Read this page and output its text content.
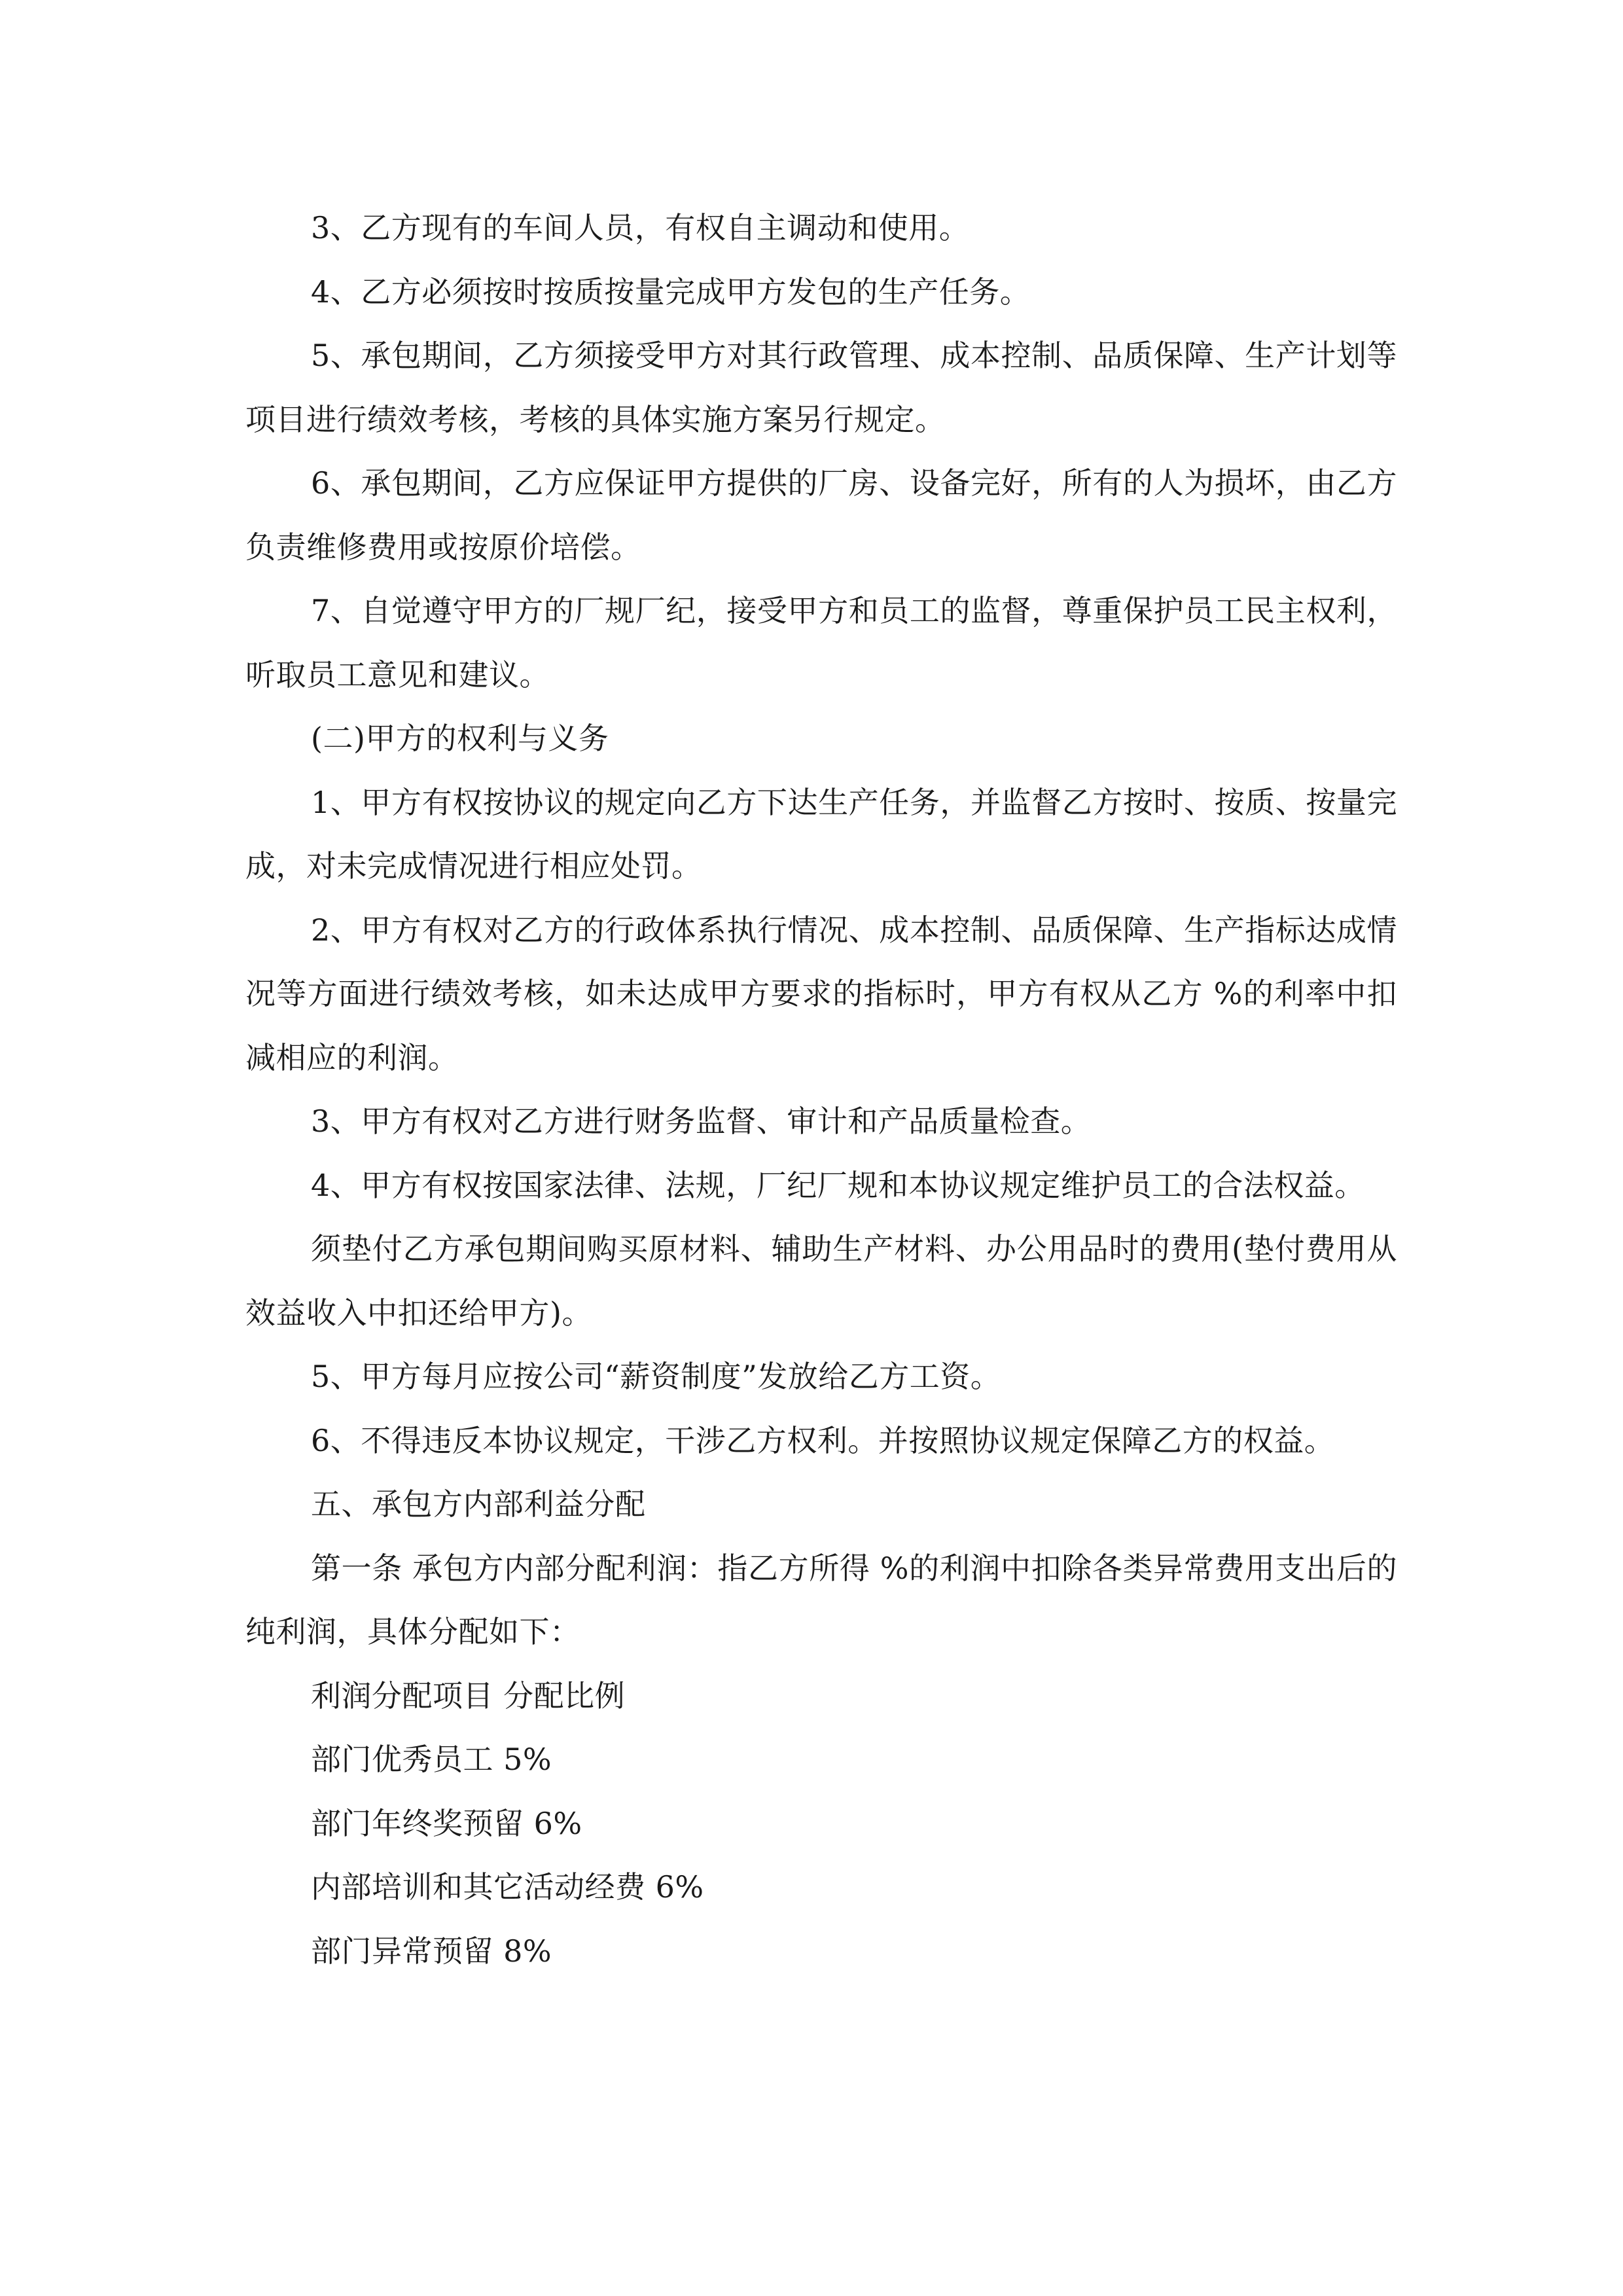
3、乙方现有的车间人员，有权自主调动和使用。

4、乙方必须按时按质按量完成甲方发包的生产任务。

5、承包期间，乙方须接受甲方对其行政管理、成本控制、品质保障、生产计划等项目进行绩效考核，考核的具体实施方案另行规定。

6、承包期间，乙方应保证甲方提供的厂房、设备完好，所有的人为损坏，由乙方负责维修费用或按原价培偿。

7、自觉遵守甲方的厂规厂纪，接受甲方和员工的监督，尊重保护员工民主权利，听取员工意见和建议。

(二)甲方的权利与义务

1、甲方有权按协议的规定向乙方下达生产任务，并监督乙方按时、按质、按量完成，对未完成情况进行相应处罚。

2、甲方有权对乙方的行政体系执行情况、成本控制、品质保障、生产指标达成情况等方面进行绩效考核，如未达成甲方要求的指标时，甲方有权从乙方 %的利率中扣减相应的利润。

3、甲方有权对乙方进行财务监督、审计和产品质量检查。

4、甲方有权按国家法律、法规，厂纪厂规和本协议规定维护员工的合法权益。

须垫付乙方承包期间购买原材料、辅助生产材料、办公用品时的费用(垫付费用从效益收入中扣还给甲方)。

5、甲方每月应按公司“薪资制度”发放给乙方工资。

6、不得违反本协议规定，干涉乙方权利。并按照协议规定保障乙方的权益。

五、承包方内部利益分配

第一条 承包方内部分配利润：指乙方所得 %的利润中扣除各类异常费用支出后的纯利润，具体分配如下：

利润分配项目 分配比例

部门优秀员工 5%

部门年终奖预留 6%

内部培训和其它活动经费 6%

部门异常预留 8%
